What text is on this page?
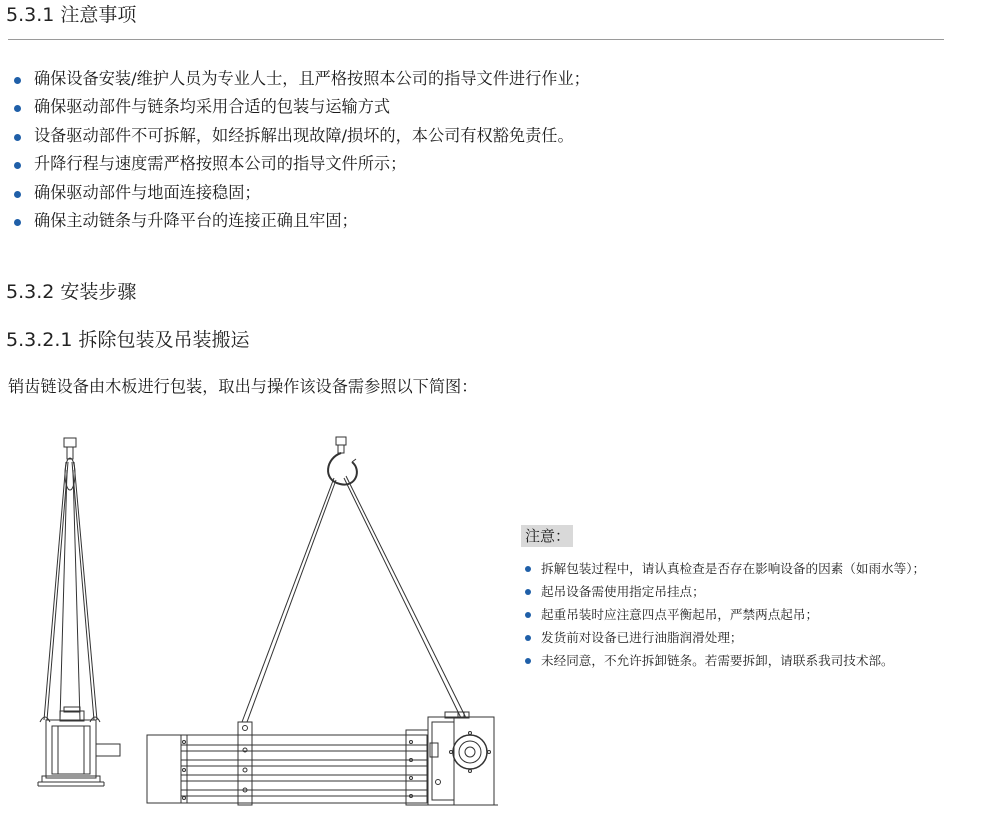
5.3.1 注意事项
确保设备安装/维护人员为专业人士，且严格按照本公司的指导文件进行作业；
确保驱动部件与链条均采用合适的包装与运输方式
设备驱动部件不可拆解，如经拆解出现故障/损坏的，本公司有权豁免责任。
升降行程与速度需严格按照本公司的指导文件所示；
确保驱动部件与地面连接稳固；
确保主动链条与升降平台的连接正确且牢固；
5.3.2 安装步骤
5.3.2.1 拆除包装及吊装搬运
销齿链设备由木板进行包装，取出与操作该设备需参照以下简图：
注意：
拆解包装过程中，请认真检查是否存在影响设备的因素（如雨水等）；
起吊设备需使用指定吊挂点；
起重吊装时应注意四点平衡起吊，严禁两点起吊；
发货前对设备已进行油脂润滑处理；
未经同意，不允许拆卸链条。若需要拆卸，请联系我司技术部。
